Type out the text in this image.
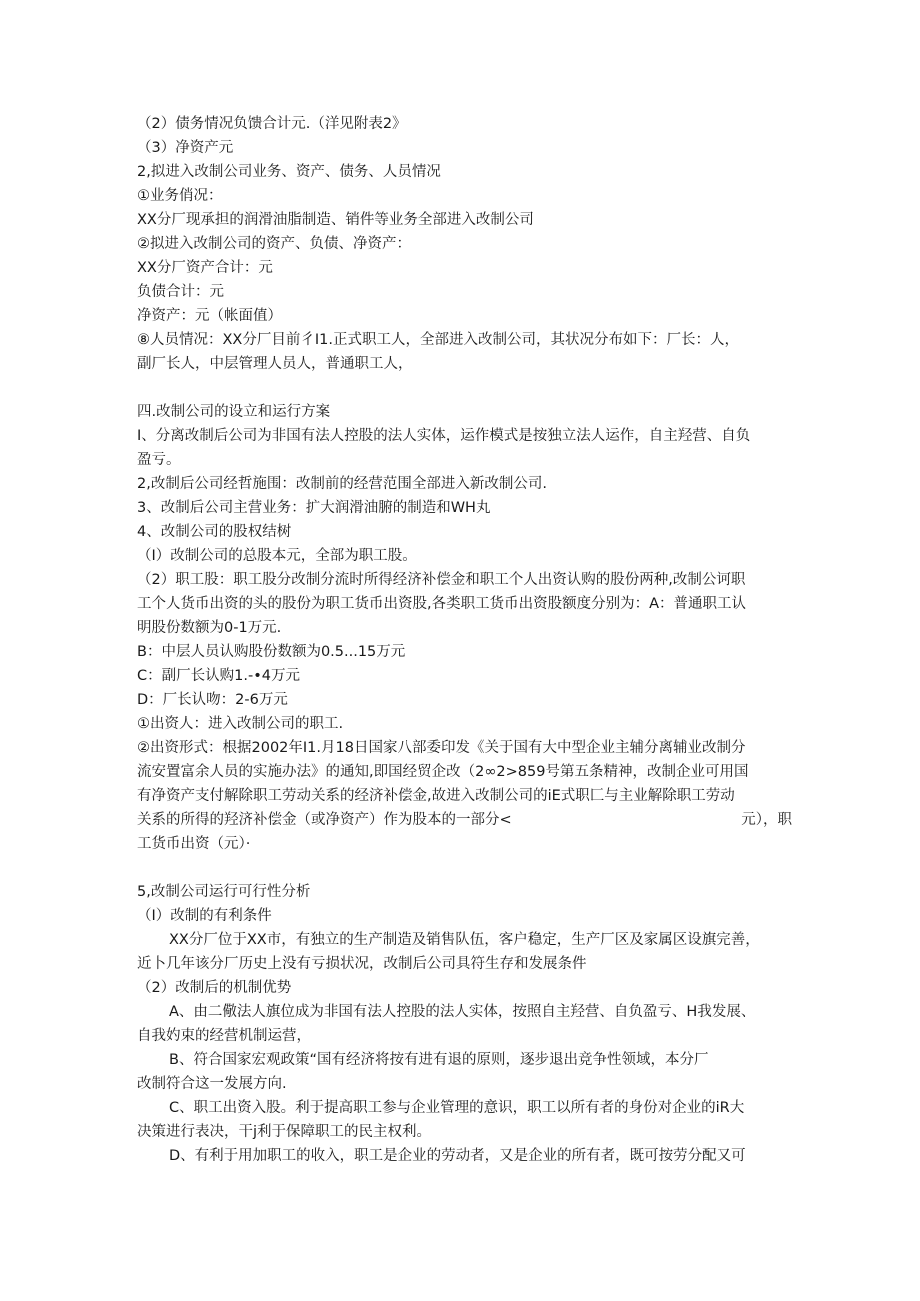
（2）债务情况负馈合计元.（洋见附表2》
（3）净资产元
2,拟进入改制公司业务、资产、债务、人员情况
①业务俏况：
XX分厂现承担的润滑油脂制造、销件等业务全部进入改制公司
②拟进入改制公司的资产、负债、净资产：
XX分厂资产合计：元
负债合计：元
净资产：元（帐面值）
⑧人员情况：XX分厂目前彳I1.正式职工人，全部进入改制公司，其状况分布如下：厂长：人，
副厂长人，中层管理人员人，普通职工人，
四.改制公司的设立和运行方案
I、分离改制后公司为非国有法人控股的法人实体，运作模式是按独立法人运作，自主羟营、自负
盈亏。
2,改制后公司经哲施围：改制前的经营范围全部进入新改制公司.
3、改制后公司主营业务：扩大润滑油腑的制造和WH丸
4、改制公司的股权结树
（I）改制公司的总股本元，全部为职工股。
（2）职工股：职工股分改制分流时所得经济补偿金和职工个人出资认购的股份两种,改制公诃职
工个人货币出资的头的股份为职工货币出资股,各类职工货币出资股额度分别为：A：普通职工认
明股份数额为0-1万元.
B：中层人员认购股份数额为0.5...15万元
C：副厂长认购1.-•4万元
D：厂长认吻：2-6万元
①出资人：进入改制公司的职工.
②出资形式：根据2002年I1.月18日国家八部委印发《关于国有大中型企业主辅分离辅业改制分
流安置富余人员的实施办法》的通知,即国经贸企改（2∞2>859号第五条精神，改制企业可用国
有净资产支付解除职工劳动关系的经济补偿金,故进入改制公司的iE式职匚与主业解除职工劳动
关系的所得的羟济补偿金（或净资产）作为股本的一部分<	元），职
工货币出资（元）·
5,改制公司运行可行性分析
（I）改制的有利条件
XX分厂位于XX市，有独立的生产制造及销售队伍，客户稳定，生产厂区及家属区设旗完善，
近卜几年该分厂历史上没有亏损状况，改制后公司具符生存和发展条件
（2）改制后的机制优势
A、由二儆法人旗位成为非国有法人控股的法人实体，按照自主羟营、自负盈亏、H我发展、
自我妁束的经营机制运营，
B、符合国家宏观政策“国有经济将按有进有退的原则，逐步退出竞争性领域，本分厂
改制符合这一发展方向.
C、职工出资入股。利于提高职工参与企业管理的意识，职工以所有者的身份对企业的iR大
决策进行表决，干j利于保障职工的民主权利。
D、有利于用加职工的收入，职工是企业的劳动者，又是企业的所有者，既可按劳分配又可
